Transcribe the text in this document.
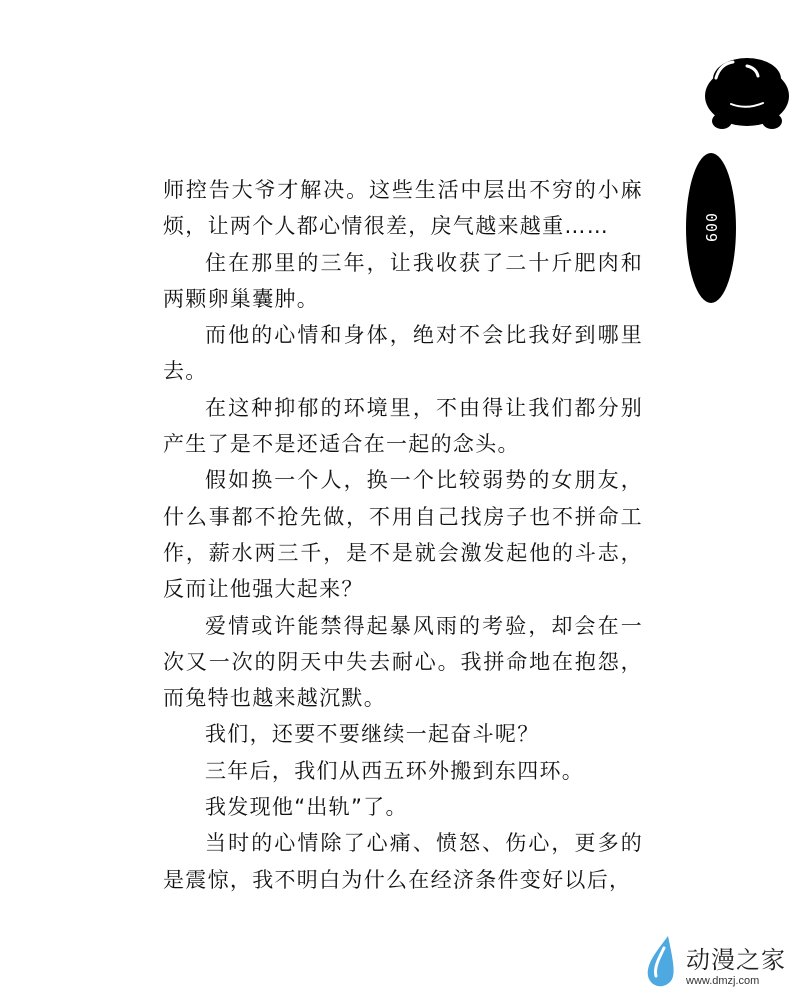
009

师控告大爷才解决。这些生活中层出不穷的小麻烦，让两个人都心情很差，戾气越来越重……

住在那里的三年，让我收获了二十斤肥肉和两颗卵巢囊肿。

而他的心情和身体，绝对不会比我好到哪里去。

在这种抑郁的环境里，不由得让我们都分别产生了是不是还适合在一起的念头。

假如换一个人，换一个比较弱势的女朋友，什么事都不抢先做，不用自己找房子也不拼命工作，薪水两三千，是不是就会激发起他的斗志，反而让他强大起来？

爱情或许能禁得起暴风雨的考验，却会在一次又一次的阴天中失去耐心。我拼命地在抱怨，而兔特也越来越沉默。

我们，还要不要继续一起奋斗呢？

三年后，我们从西五环外搬到东四环。

我发现他“出轨”了。

当时的心情除了心痛、愤怒、伤心，更多的是震惊，我不明白为什么在经济条件变好以后，

动漫之家
www.dmzj.com
